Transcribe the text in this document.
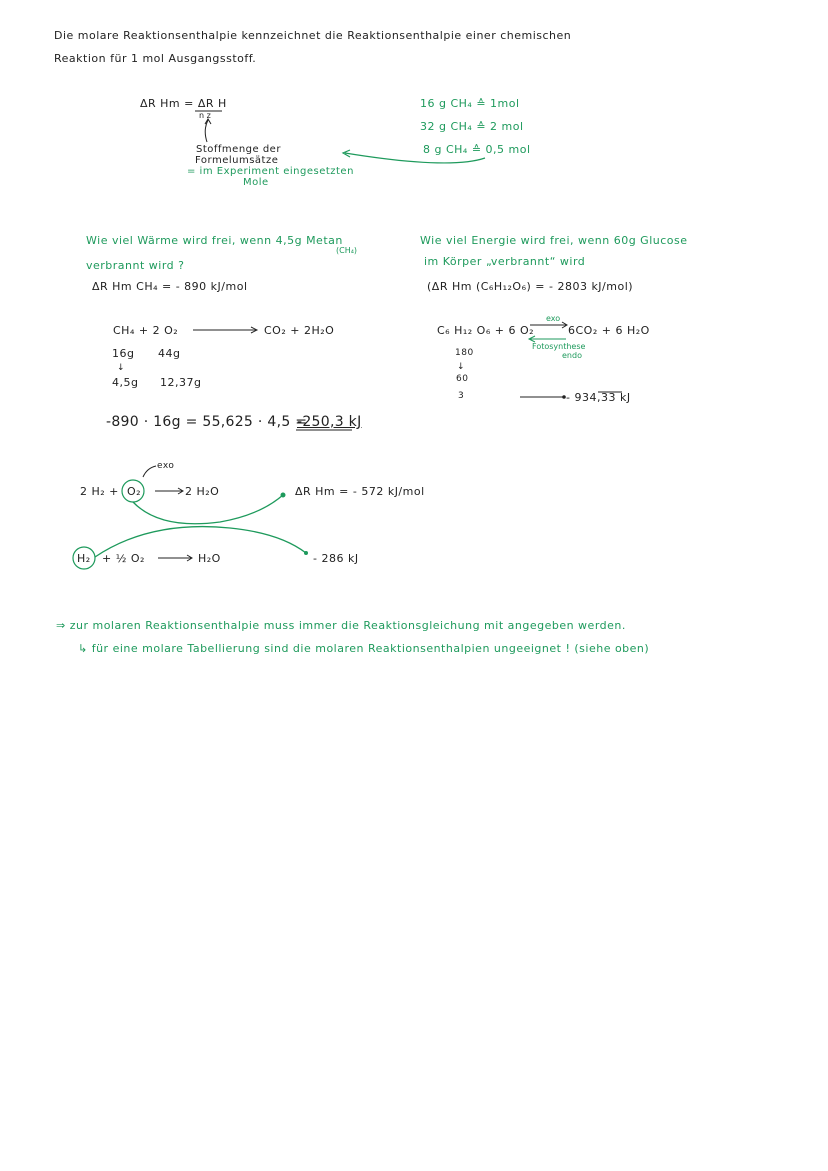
Die molare Reaktionsenthalpie kennzeichnet die Reaktionsenthalpie einer chemischen
Reaktion für 1 mol Ausgangsstoff.
ΔR Hm = ΔR H
n z
Stoffmenge der
Formelumsätze
= im Experiment eingesetzten
Mole
16 g CH₄ ≙ 1mol
32 g CH₄ ≙ 2 mol
8 g CH₄ ≙ 0,5 mol
Wie viel Wärme wird frei, wenn 4,5g Metan
(CH₄)
verbrannt wird ?
ΔR Hm CH₄ = - 890 kJ/mol
CH₄ + 2 O₂	CO₂ + 2H₂O
16g 44g
↓
4,5g 12,37g
-890 · 16g = 55,625 · 4,5 =
-250,3 kJ
Wie viel Energie wird frei, wenn 60g Glucose
im Körper „verbrannt“ wird
(ΔR Hm (C₆H₁₂O₆) = - 2803 kJ/mol)
C₆ H₁₂ O₆ + 6 O₂
exo
6CO₂ + 6 H₂O
Fotosynthese
endo
180
↓
60
3	- 934,33 kJ
exo
2 H₂ + O₂	2 H₂O	ΔR Hm = - 572 kJ/mol
H₂ + ½ O₂	H₂O	- 286 kJ
⇒ zur molaren Reaktionsenthalpie muss immer die Reaktionsgleichung mit angegeben werden.
↳ für eine molare Tabellierung sind die molaren Reaktionsenthalpien ungeeignet ! (siehe oben)
